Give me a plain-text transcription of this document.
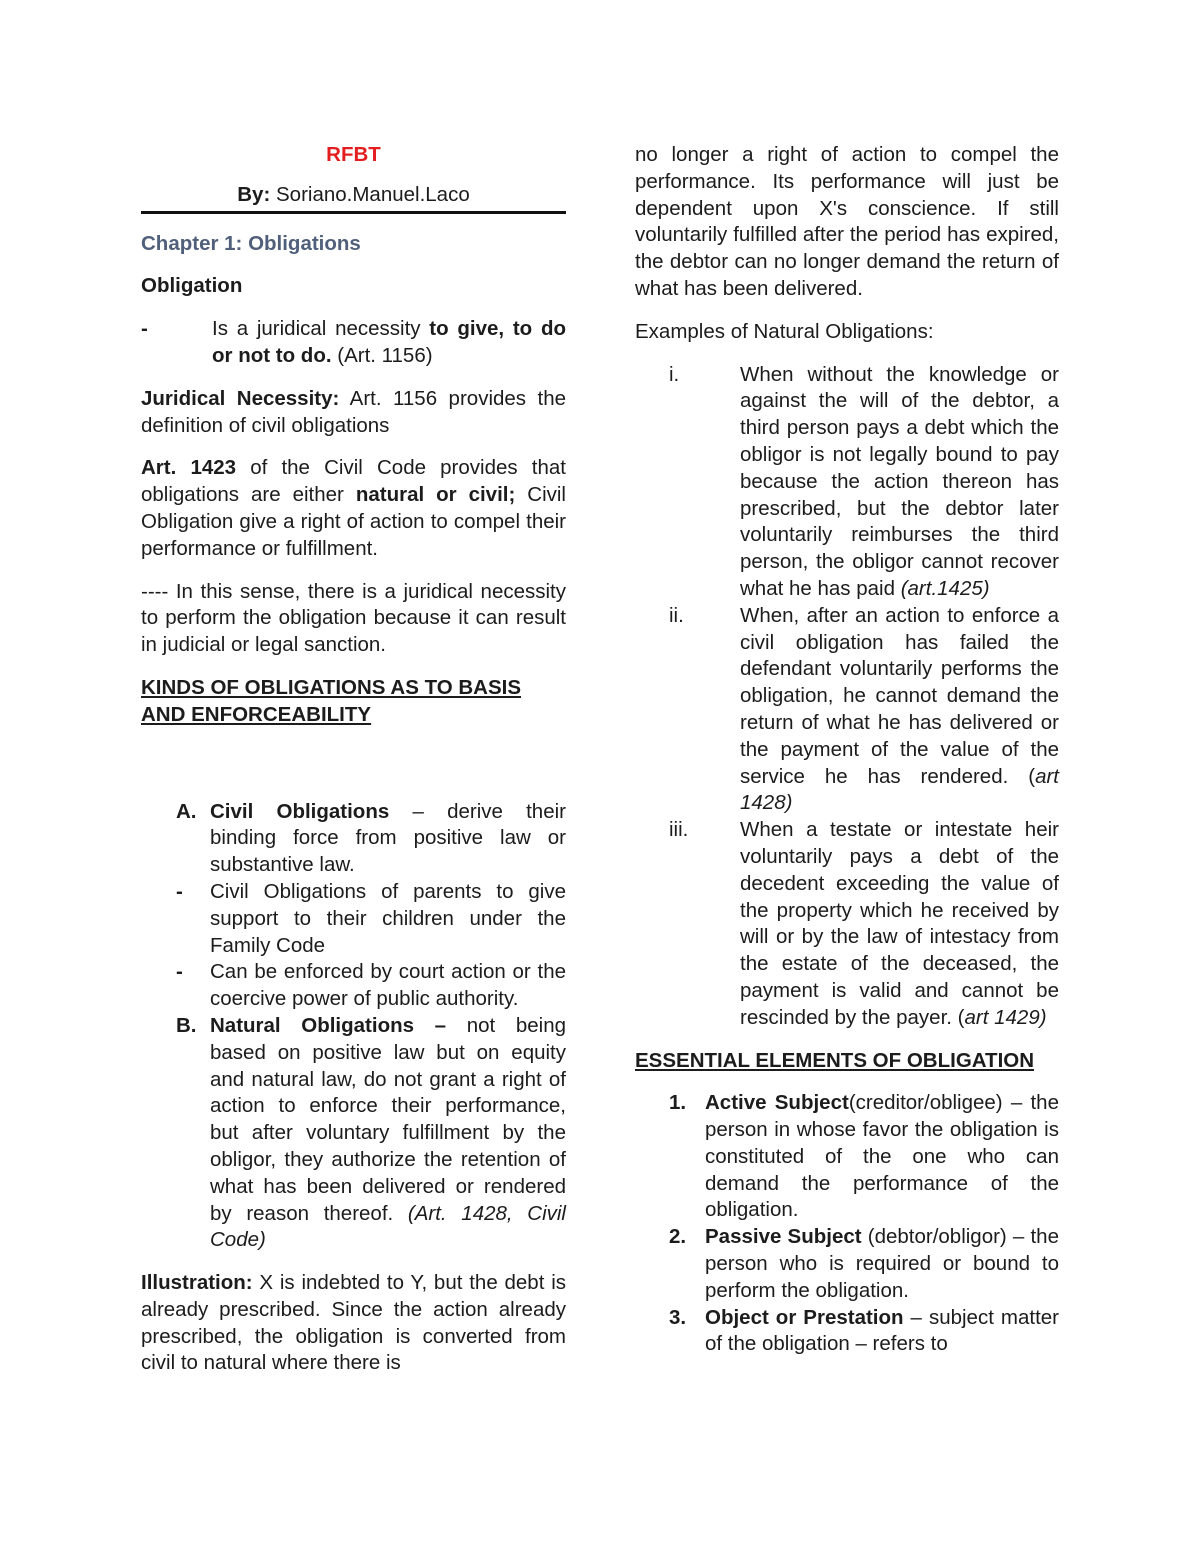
RFBT

By: Soriano.Manuel.Laco

Chapter 1: Obligations

Obligation

-	Is a juridical necessity to give, to do or not to do. (Art. 1156)

Juridical Necessity: Art. 1156 provides the definition of civil obligations

Art. 1423 of the Civil Code provides that obligations are either natural or civil; Civil Obligation give a right of action to compel their performance or fulfillment.

---- In this sense, there is a juridical necessity to perform the obligation because it can result in judicial or legal sanction.

KINDS OF OBLIGATIONS AS TO BASIS AND ENFORCEABILITY

A. Civil Obligations – derive their binding force from positive law or substantive law.
-	Civil Obligations of parents to give support to their children under the Family Code
-	Can be enforced by court action or the coercive power of public authority.
B. Natural Obligations – not being based on positive law but on equity and natural law, do not grant a right of action to enforce their performance, but after voluntary fulfillment by the obligor, they authorize the retention of what has been delivered or rendered by reason thereof. (Art. 1428, Civil Code)

Illustration: X is indebted to Y, but the debt is already prescribed. Since the action already prescribed, the obligation is converted from civil to natural where there is

no longer a right of action to compel the performance. Its performance will just be dependent upon X's conscience. If still voluntarily fulfilled after the period has expired, the debtor can no longer demand the return of what has been delivered.

Examples of Natural Obligations:

i.	When without the knowledge or against the will of the debtor, a third person pays a debt which the obligor is not legally bound to pay because the action thereon has prescribed, but the debtor later voluntarily reimburses the third person, the obligor cannot recover what he has paid (art.1425)
ii.	When, after an action to enforce a civil obligation has failed the defendant voluntarily performs the obligation, he cannot demand the return of what he has delivered or the payment of the value of the service he has rendered. (art 1428)
iii.	When a testate or intestate heir voluntarily pays a debt of the decedent exceeding the value of the property which he received by will or by the law of intestacy from the estate of the deceased, the payment is valid and cannot be rescinded by the payer. (art 1429)

ESSENTIAL ELEMENTS OF OBLIGATION

1. Active Subject(creditor/obligee) – the person in whose favor the obligation is constituted of the one who can demand the performance of the obligation.
2. Passive Subject (debtor/obligor) – the person who is required or bound to perform the obligation.
3. Object or Prestation – subject matter of the obligation – refers to
